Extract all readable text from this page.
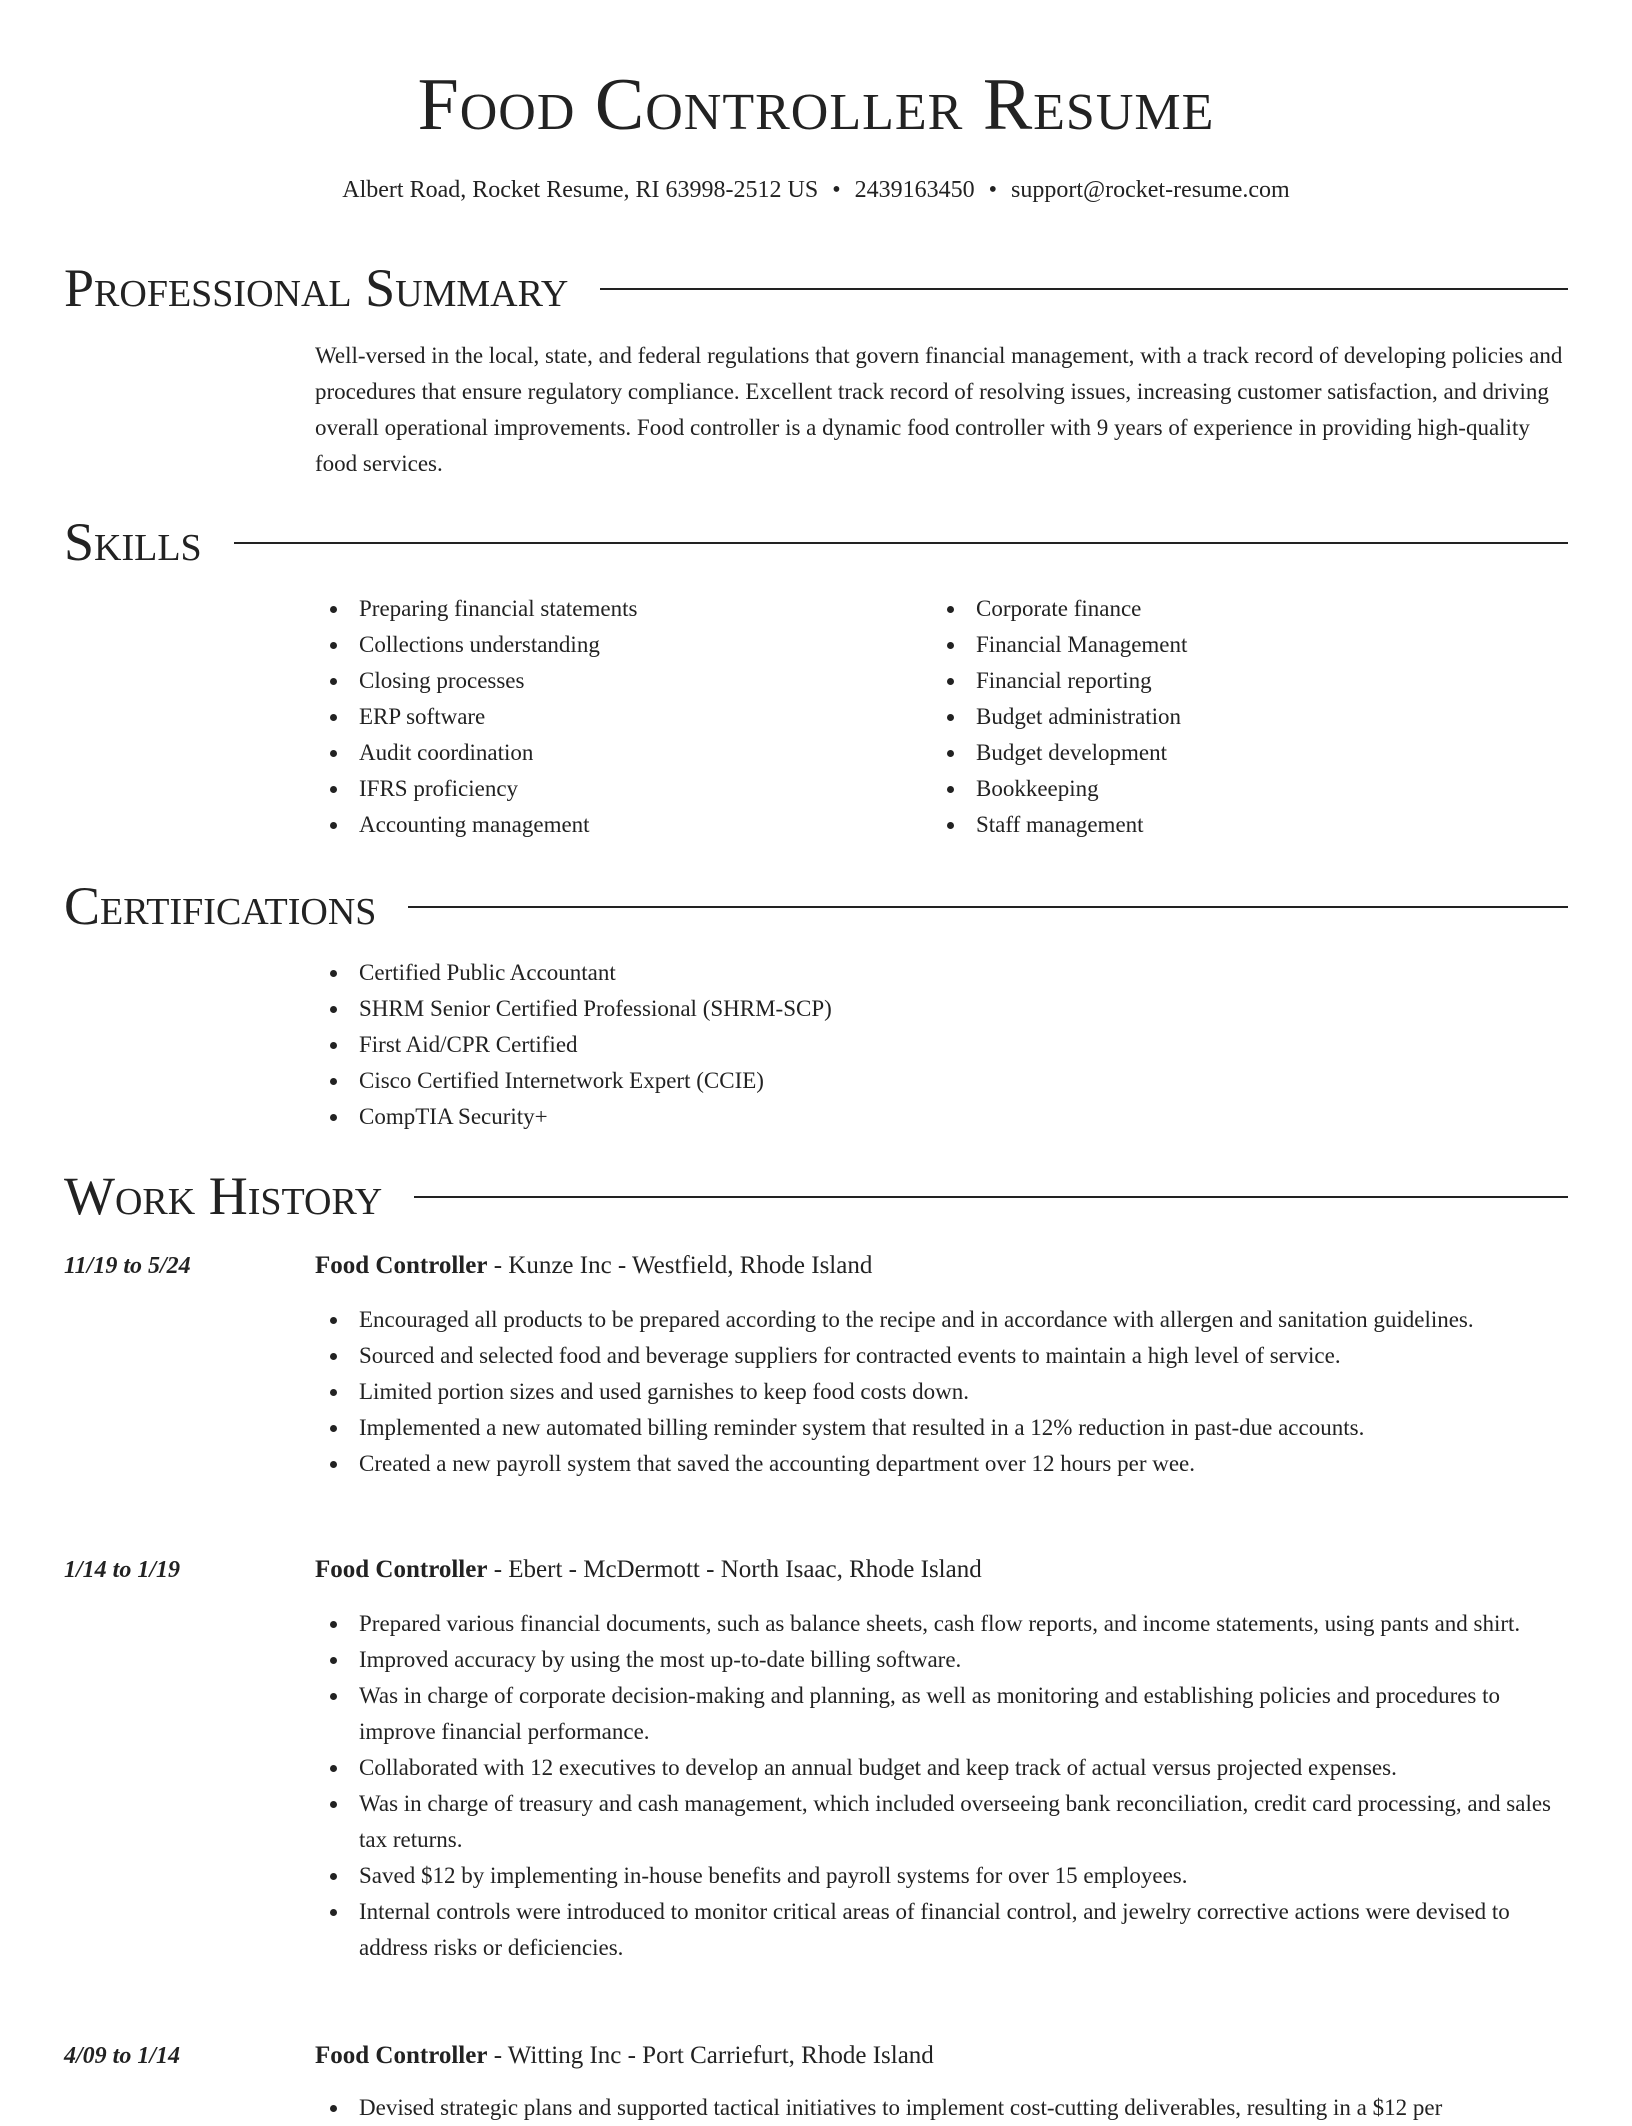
Food Controller Resume
Albert Road, Rocket Resume, RI 63998-2512 US • 2439163450 • support@rocket-resume.com
Professional Summary
Well-versed in the local, state, and federal regulations that govern financial management, with a track record of developing policies and procedures that ensure regulatory compliance. Excellent track record of resolving issues, increasing customer satisfaction, and driving overall operational improvements. Food controller is a dynamic food controller with 9 years of experience in providing high-quality food services.
Skills
Preparing financial statements
Collections understanding
Closing processes
ERP software
Audit coordination
IFRS proficiency
Accounting management
Corporate finance
Financial Management
Financial reporting
Budget administration
Budget development
Bookkeeping
Staff management
Certifications
Certified Public Accountant
SHRM Senior Certified Professional (SHRM-SCP)
First Aid/CPR Certified
Cisco Certified Internetwork Expert (CCIE)
CompTIA Security+
Work History
11/19 to 5/24	Food Controller - Kunze Inc - Westfield, Rhode Island
Encouraged all products to be prepared according to the recipe and in accordance with allergen and sanitation guidelines.
Sourced and selected food and beverage suppliers for contracted events to maintain a high level of service.
Limited portion sizes and used garnishes to keep food costs down.
Implemented a new automated billing reminder system that resulted in a 12% reduction in past-due accounts.
Created a new payroll system that saved the accounting department over 12 hours per wee.
1/14 to 1/19	Food Controller - Ebert - McDermott - North Isaac, Rhode Island
Prepared various financial documents, such as balance sheets, cash flow reports, and income statements, using pants and shirt.
Improved accuracy by using the most up-to-date billing software.
Was in charge of corporate decision-making and planning, as well as monitoring and establishing policies and procedures to improve financial performance.
Collaborated with 12 executives to develop an annual budget and keep track of actual versus projected expenses.
Was in charge of treasury and cash management, which included overseeing bank reconciliation, credit card processing, and sales tax returns.
Saved $12 by implementing in-house benefits and payroll systems for over 15 employees.
Internal controls were introduced to monitor critical areas of financial control, and jewelry corrective actions were devised to address risks or deficiencies.
4/09 to 1/14	Food Controller - Witting Inc - Port Carriefurt, Rhode Island
Devised strategic plans and supported tactical initiatives to implement cost-cutting deliverables, resulting in a $12 per
